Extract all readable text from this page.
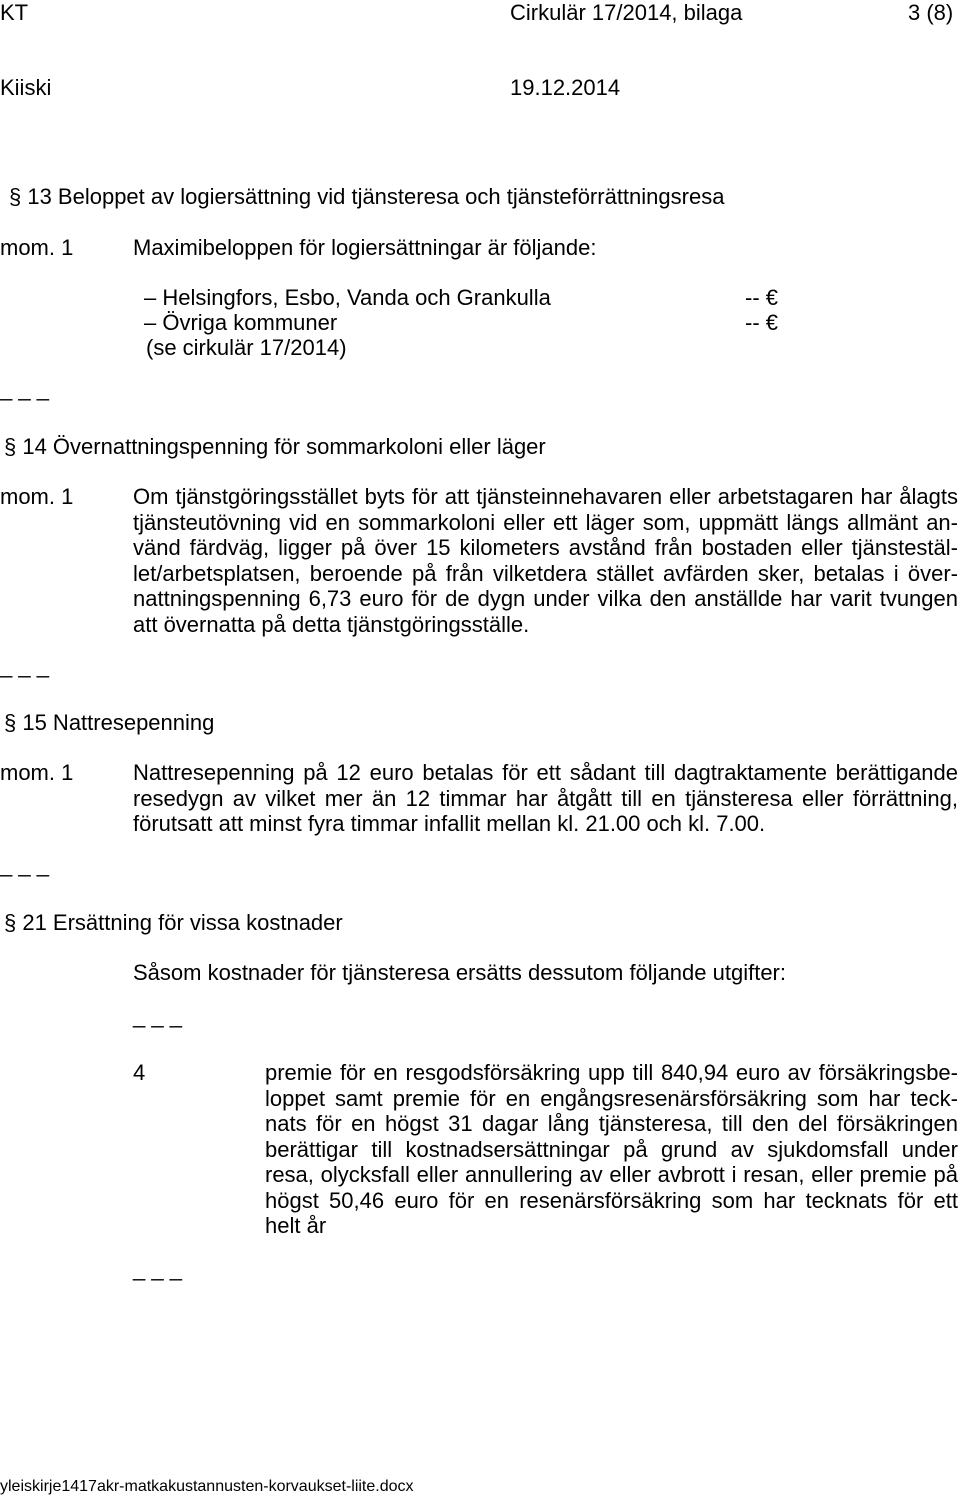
KT	Cirkulär 17/2014, bilaga	3 (8)
Kiiski	19.12.2014
§ 13 Beloppet av logiersättning vid tjänsteresa och tjänsteförrättningsresa
mom. 1	Maximibeloppen för logiersättningar är följande:
– Helsingfors, Esbo, Vanda och Grankulla	-- €
– Övriga kommuner	-- €
(se cirkulär 17/2014)
_ _ _
§ 14 Övernattningspenning för sommarkoloni eller läger
mom. 1	Om tjänstgöringsstället byts för att tjänsteinnehavaren eller arbetstagaren har ålagts
tjänsteutövning vid en sommarkoloni eller ett läger som, uppmätt längs allmänt an-
vänd färdväg, ligger på över 15 kilometers avstånd från bostaden eller tjänstestäl-
let/arbetsplatsen, beroende på från vilketdera stället avfärden sker, betalas i över-
nattningspenning 6,73 euro för de dygn under vilka den anställde har varit tvungen
att övernatta på detta tjänstgöringsställe.
_ _ _
§ 15 Nattresepenning
mom. 1	Nattresepenning på 12 euro betalas för ett sådant till dagtraktamente berättigande
resedygn av vilket mer än 12 timmar har åtgått till en tjänsteresa eller förrättning,
förutsatt att minst fyra timmar infallit mellan kl. 21.00 och kl. 7.00.
_ _ _
§ 21 Ersättning för vissa kostnader
Såsom kostnader för tjänsteresa ersätts dessutom följande utgifter:
_ _ _
4	premie för en resgodsförsäkring upp till 840,94 euro av försäkringsbe-
loppet samt premie för en engångsresenärsförsäkring som har teck-
nats för en högst 31 dagar lång tjänsteresa, till den del försäkringen
berättigar till kostnadsersättningar på grund av sjukdomsfall under
resa, olycksfall eller annullering av eller avbrott i resan, eller premie på
högst 50,46 euro för en resenärsförsäkring som har tecknats för ett
helt år
_ _ _
yleiskirje1417akr-matkakustannusten-korvaukset-liite.docx
